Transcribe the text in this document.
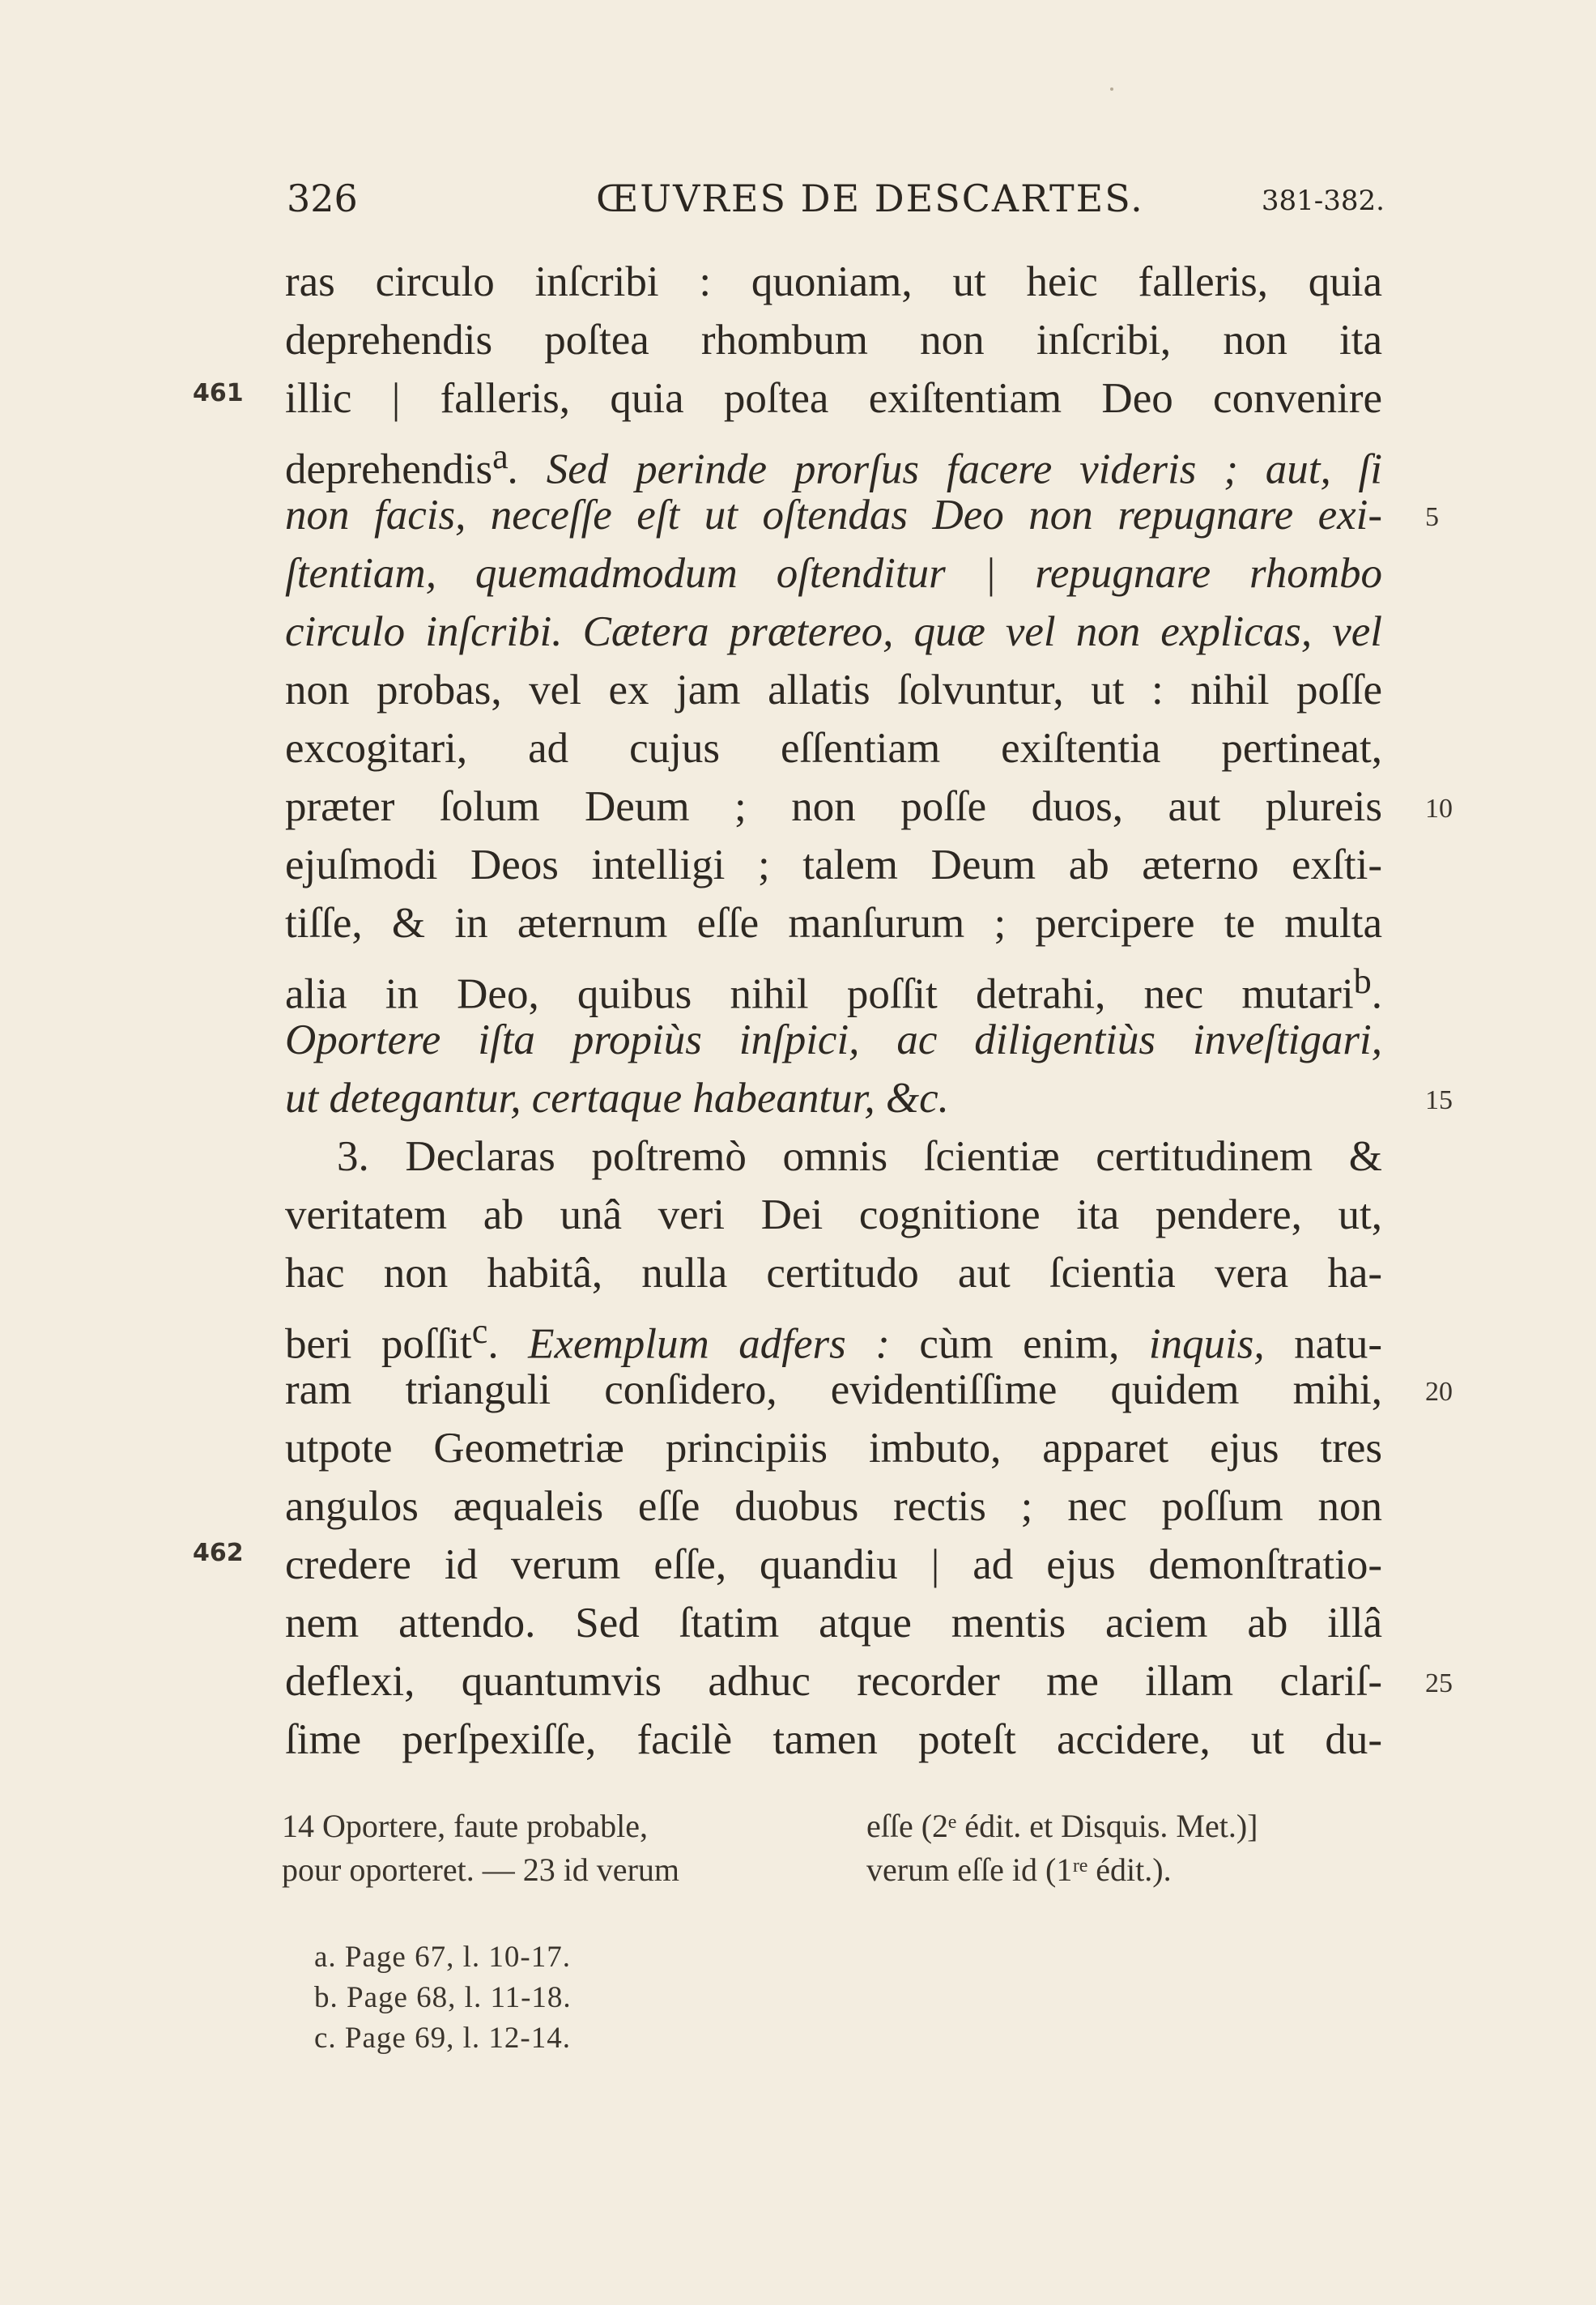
326	ŒUVRES DE DESCARTES.	381-382.
461
462
5
10
15
20
25
ras circulo inſcribi : quoniam, ut heic falleris, quia
deprehendis poſtea rhombum non inſcribi, non ita
illic | falleris, quia poſtea exiſtentiam Deo convenire
deprehendis$^a$. Sed perinde prorſus facere videris ; aut, ſi
non facis, neceſſe eſt ut oſtendas Deo non repugnare exi-
ſtentiam, quemadmodum oſtenditur | repugnare rhombo
circulo inſcribi. Cætera prætereo, quæ vel non explicas, vel
non probas, vel ex jam allatis ſolvuntur, ut : nihil poſſe
excogitari, ad cujus eſſentiam exiſtentia pertineat,
præter ſolum Deum ; non poſſe duos, aut plureis
ejuſmodi Deos intelligi ; talem Deum ab æterno exſti-
tiſſe, & in æternum eſſe manſurum ; percipere te multa
alia in Deo, quibus nihil poſſit detrahi, nec mutari$^b$.
Oportere iſta propiùs inſpici, ac diligentiùs inveſtigari,
ut detegantur, certaque habeantur, &c.
3. Declaras poſtremò omnis ſcientiæ certitudinem &
veritatem ab unâ veri Dei cognitione ita pendere, ut,
hac non habitâ, nulla certitudo aut ſcientia vera ha-
beri poſſit$^c$. Exemplum adfers : cùm enim, inquis, natu-
ram trianguli conſidero, evidentiſſime quidem mihi,
utpote Geometriæ principiis imbuto, apparet ejus tres
angulos æqualeis eſſe duobus rectis ; nec poſſum non
credere id verum eſſe, quandiu | ad ejus demonſtratio-
nem attendo. Sed ſtatim atque mentis aciem ab illâ
deflexi, quantumvis adhuc recorder me illam clariſ-
ſime perſpexiſſe, facilè tamen poteſt accidere, ut du-
14 Oportere, faute probable,
pour oporteret. — 23 id verum
eſſe (2ᵉ édit. et Disquis. Met.)]
verum eſſe id (1ʳᵉ édit.).
a. Page 67, l. 10-17.
b. Page 68, l. 11-18.
c. Page 69, l. 12-14.
